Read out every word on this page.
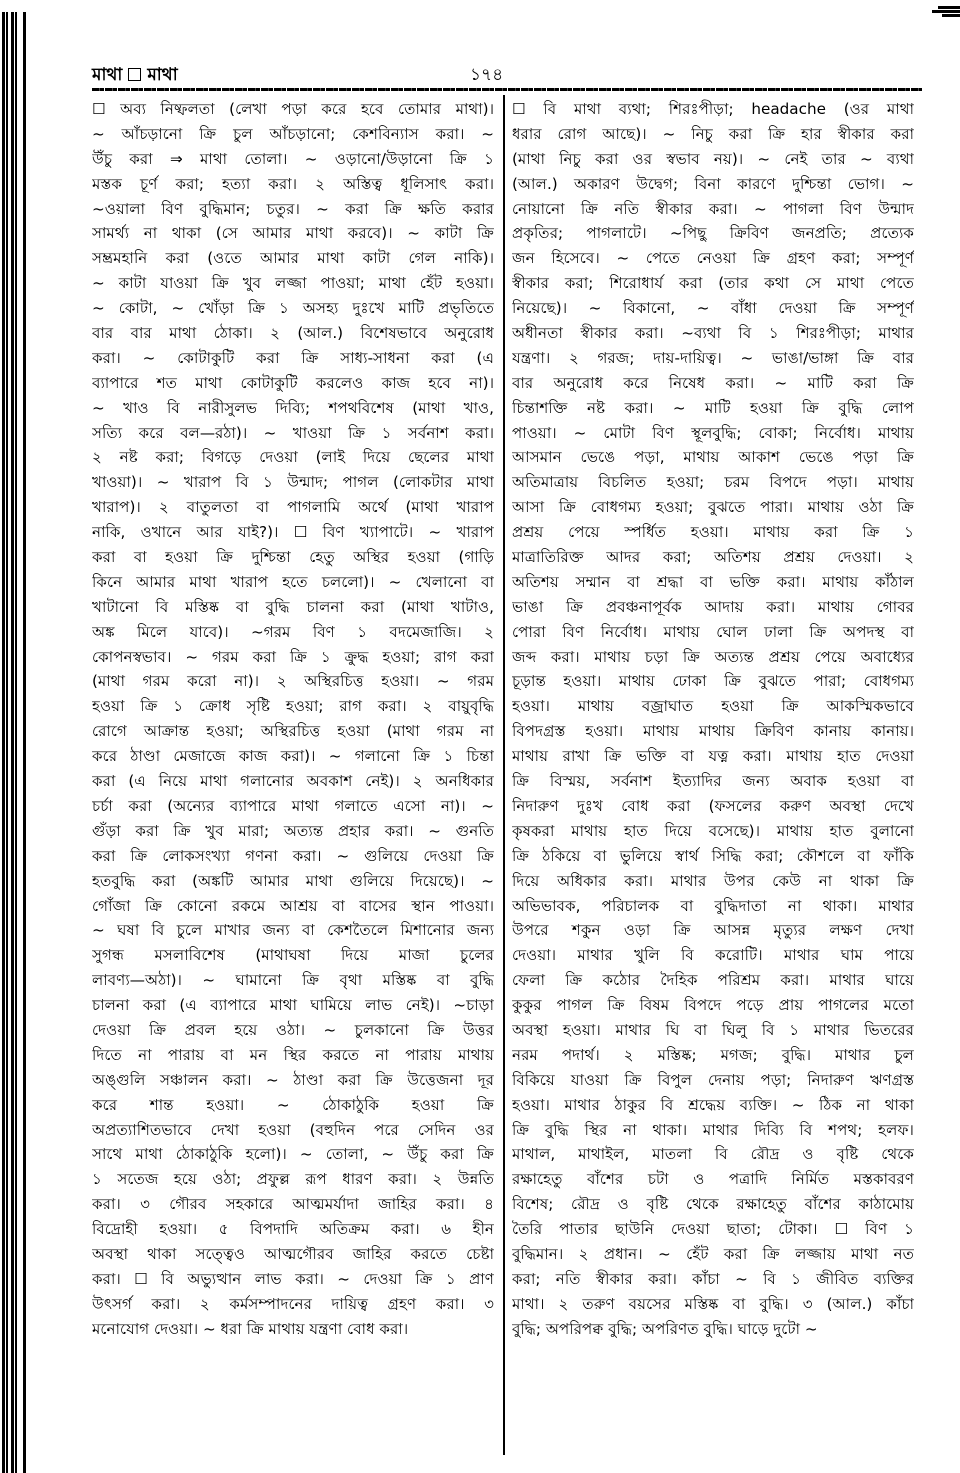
মাথা মাথা	১৭৪
☐ অব্য নিষ্ফলতা (লেখা পড়া করে হবে তোমার মাথা)।
~ আঁচড়ানো ক্রি চুল আঁচড়ানো; কেশবিন্যাস করা। ~
উঁচু করা ⇒ মাথা তোলা। ~ ওড়ানো/উড়ানো ক্রি ১
মস্তক চূর্ণ করা; হত্যা করা। ২ অস্তিত্ব ধূলিসাৎ করা।
~ওয়ালা বিণ বুদ্ধিমান; চতুর। ~ করা ক্রি ক্ষতি করার
সামর্থ্য না থাকা (সে আমার মাথা করবে)। ~ কাটা ক্রি
সম্ভ্রমহানি করা (ওতে আমার মাথা কাটা গেল নাকি)।
~ কাটা যাওয়া ক্রি খুব লজ্জা পাওয়া; মাথা হেঁট হওয়া।
~ কোটা, ~ খোঁড়া ক্রি ১ অসহ্য দুঃখে মাটি প্রভৃতিতে
বার বার মাথা ঠোকা। ২ (আল.) বিশেষভাবে অনুরোধ
করা। ~ কোটাকুটি করা ক্রি সাধ্য-সাধনা করা (এ
ব্যাপারে শত মাথা কোটাকুটি করলেও কাজ হবে না)।
~ খাও বি নারীসুলভ দিব্যি; শপথবিশেষ (মাথা খাও,
সত্যি করে বল—রঠা)। ~ খাওয়া ক্রি ১ সর্বনাশ করা।
২ নষ্ট করা; বিগড়ে দেওয়া (লাই দিয়ে ছেলের মাথা
খাওয়া)। ~ খারাপ বি ১ উন্মাদ; পাগল (লোকটার মাথা
খারাপ)। ২ বাতুলতা বা পাগলামি অর্থে (মাথা খারাপ
নাকি, ওখানে আর যাই?)। ☐ বিণ খ্যাপাটে। ~ খারাপ
করা বা হওয়া ক্রি দুশ্চিন্তা হেতু অস্থির হওয়া (গাড়ি
কিনে আমার মাথা খারাপ হতে চললো)। ~ খেলানো বা
খাটানো বি মস্তিষ্ক বা বুদ্ধি চালনা করা (মাথা খাটাও,
অঙ্ক মিলে যাবে)। ~গরম বিণ ১ বদমেজাজি। ২
কোপনস্বভাব। ~ গরম করা ক্রি ১ ক্রুদ্ধ হওয়া; রাগ করা
(মাথা গরম করো না)। ২ অস্থিরচিত্ত হওয়া। ~ গরম
হওয়া ক্রি ১ ক্রোধ সৃষ্টি হওয়া; রাগ করা। ২ বায়ুবৃদ্ধি
রোগে আক্রান্ত হওয়া; অস্থিরচিত্ত হওয়া (মাথা গরম না
করে ঠাণ্ডা মেজাজে কাজ করা)। ~ গলানো ক্রি ১ চিন্তা
করা (এ নিয়ে মাথা গলানোর অবকাশ নেই)। ২ অনধিকার
চর্চা করা (অন্যের ব্যাপারে মাথা গলাতে এসো না)। ~
গুঁড়া করা ক্রি খুব মারা; অত্যন্ত প্রহার করা। ~ গুনতি
করা ক্রি লোকসংখ্যা গণনা করা। ~ গুলিয়ে দেওয়া ক্রি
হতবুদ্ধি করা (অঙ্কটি আমার মাথা গুলিয়ে দিয়েছে)। ~
গোঁজা ক্রি কোনো রকমে আশ্রয় বা বাসের স্থান পাওয়া।
~ ঘষা বি চুলে মাখার জন্য বা কেশতৈলে মিশানোর জন্য
সুগন্ধ মসলাবিশেষ (মাথাঘষা দিয়ে মাজা চুলের
লাবণ্য—অঠা)। ~ ঘামানো ক্রি বৃথা মস্তিষ্ক বা বুদ্ধি
চালনা করা (এ ব্যাপারে মাথা ঘামিয়ে লাভ নেই)। ~চাড়া
দেওয়া ক্রি প্রবল হয়ে ওঠা। ~ চুলকানো ক্রি উত্তর
দিতে না পারায় বা মন স্থির করতে না পারায় মাথায়
অঙ্গুলি সঞ্চালন করা। ~ ঠাণ্ডা করা ক্রি উত্তেজনা দূর
করে শান্ত হওয়া। ~ ঠোকাঠুকি হওয়া ক্রি
অপ্রত্যাশিতভাবে দেখা হওয়া (বহুদিন পরে সেদিন ওর
সাথে মাথা ঠোকাঠুকি হলো)। ~ তোলা, ~ উঁচু করা ক্রি
১ সতেজ হয়ে ওঠা; প্রফুল্ল রূপ ধারণ করা। ২ উন্নতি
করা। ৩ গৌরব সহকারে আত্মমর্যাদা জাহির করা। ৪
বিদ্রোহী হওয়া। ৫ বিপদাদি অতিক্রম করা। ৬ হীন
অবস্থা থাকা সত্ত্বেও আত্মগৌরব জাহির করতে চেষ্টা
করা। ☐ বি অভ্যুত্থান লাভ করা। ~ দেওয়া ক্রি ১ প্রাণ
উৎসর্গ করা। ২ কর্মসম্পাদনের দায়িত্ব গ্রহণ করা। ৩
মনোযোগ দেওয়া। ~ ধরা ক্রি মাথায় যন্ত্রণা বোধ করা।
☐ বি মাথা ব্যথা; শিরঃপীড়া; headache (ওর মাথা
ধরার রোগ আছে)। ~ নিচু করা ক্রি হার স্বীকার করা
(মাথা নিচু করা ওর স্বভাব নয়)। ~ নেই তার ~ ব্যথা
(আল.) অকারণ উদ্বেগ; বিনা কারণে দুশ্চিন্তা ভোগ। ~
নোয়ানো ক্রি নতি স্বীকার করা। ~ পাগলা বিণ উন্মাদ
প্রকৃতির; পাগলাটে। ~পিছু ক্রিবিণ জনপ্রতি; প্রত্যেক
জন হিসেবে। ~ পেতে নেওয়া ক্রি গ্রহণ করা; সম্পূর্ণ
স্বীকার করা; শিরোধার্য করা (তার কথা সে মাথা পেতে
নিয়েছে)। ~ বিকানো, ~ বাঁধা দেওয়া ক্রি সম্পূর্ণ
অধীনতা স্বীকার করা। ~ব্যথা বি ১ শিরঃপীড়া; মাথার
যন্ত্রণা। ২ গরজ; দায়-দায়িত্ব। ~ ভাঙা/ভাঙ্গা ক্রি বার
বার অনুরোধ করে নিষেধ করা। ~ মাটি করা ক্রি
চিন্তাশক্তি নষ্ট করা। ~ মাটি হওয়া ক্রি বুদ্ধি লোপ
পাওয়া। ~ মোটা বিণ স্থূলবুদ্ধি; বোকা; নির্বোধ। মাথায়
আসমান ভেঙে পড়া, মাথায় আকাশ ভেঙে পড়া ক্রি
অতিমাত্রায় বিচলিত হওয়া; চরম বিপদে পড়া। মাথায়
আসা ক্রি বোধগম্য হওয়া; বুঝতে পারা। মাথায় ওঠা ক্রি
প্রশ্রয় পেয়ে স্পর্ধিত হওয়া। মাথায় করা ক্রি ১
মাত্রাতিরিক্ত আদর করা; অতিশয় প্রশ্রয় দেওয়া। ২
অতিশয় সম্মান বা শ্রদ্ধা বা ভক্তি করা। মাথায় কাঁঠাল
ভাঙা ক্রি প্রবঞ্চনাপূর্বক আদায় করা। মাথায় গোবর
পোরা বিণ নির্বোধ। মাথায় ঘোল ঢালা ক্রি অপদস্থ বা
জব্দ করা। মাথায় চড়া ক্রি অত্যন্ত প্রশ্রয় পেয়ে অবাধ্যের
চূড়ান্ত হওয়া। মাথায় ঢোকা ক্রি বুঝতে পারা; বোধগম্য
হওয়া। মাথায় বজ্রাঘাত হওয়া ক্রি আকস্মিকভাবে
বিপদগ্রস্ত হওয়া। মাথায় মাথায় ক্রিবিণ কানায় কানায়।
মাথায় রাখা ক্রি ভক্তি বা যত্ন করা। মাথায় হাত দেওয়া
ক্রি বিস্ময়, সর্বনাশ ইত্যাদির জন্য অবাক হওয়া বা
নিদারুণ দুঃখ বোধ করা (ফসলের করুণ অবস্থা দেখে
কৃষকরা মাথায় হাত দিয়ে বসেছে)। মাথায় হাত বুলানো
ক্রি ঠকিয়ে বা ভুলিয়ে স্বার্থ সিদ্ধি করা; কৌশলে বা ফাঁকি
দিয়ে অধিকার করা। মাথার উপর কেউ না থাকা ক্রি
অভিভাবক, পরিচালক বা বুদ্ধিদাতা না থাকা। মাথার
উপরে শকুন ওড়া ক্রি আসন্ন মৃত্যুর লক্ষণ দেখা
দেওয়া। মাথার খুলি বি করোটি। মাথার ঘাম পায়ে
ফেলা ক্রি কঠোর দৈহিক পরিশ্রম করা। মাথার ঘায়ে
কুকুর পাগল ক্রি বিষম বিপদে পড়ে প্রায় পাগলের মতো
অবস্থা হওয়া। মাথার ঘি বা ঘিলু বি ১ মাথার ভিতরের
নরম পদার্থ। ২ মস্তিষ্ক; মগজ; বুদ্ধি। মাথার চুল
বিকিয়ে যাওয়া ক্রি বিপুল দেনায় পড়া; নিদারুণ ঋণগ্রস্ত
হওয়া। মাথার ঠাকুর বি শ্রদ্ধেয় ব্যক্তি। ~ ঠিক না থাকা
ক্রি বুদ্ধি স্থির না থাকা। মাথার দিব্যি বি শপথ; হলফ।
মাথাল, মাথাইল, মাতলা বি রৌদ্র ও বৃষ্টি থেকে
রক্ষাহেতু বাঁশের চটা ও পত্রাদি নির্মিত মস্তকাবরণ
বিশেষ; রৌদ্র ও বৃষ্টি থেকে রক্ষাহেতু বাঁশের কাঠামোয়
তৈরি পাতার ছাউনি দেওয়া ছাতা; টোকা। ☐ বিণ ১
বুদ্ধিমান। ২ প্রধান। ~ হেঁট করা ক্রি লজ্জায় মাথা নত
করা; নতি স্বীকার করা। কাঁচা ~ বি ১ জীবিত ব্যক্তির
মাথা। ২ তরুণ বয়সের মস্তিষ্ক বা বুদ্ধি। ৩ (আল.) কাঁচা
বুদ্ধি; অপরিপক্ব বুদ্ধি; অপরিণত বুদ্ধি। ঘাড়ে দুটো ~
